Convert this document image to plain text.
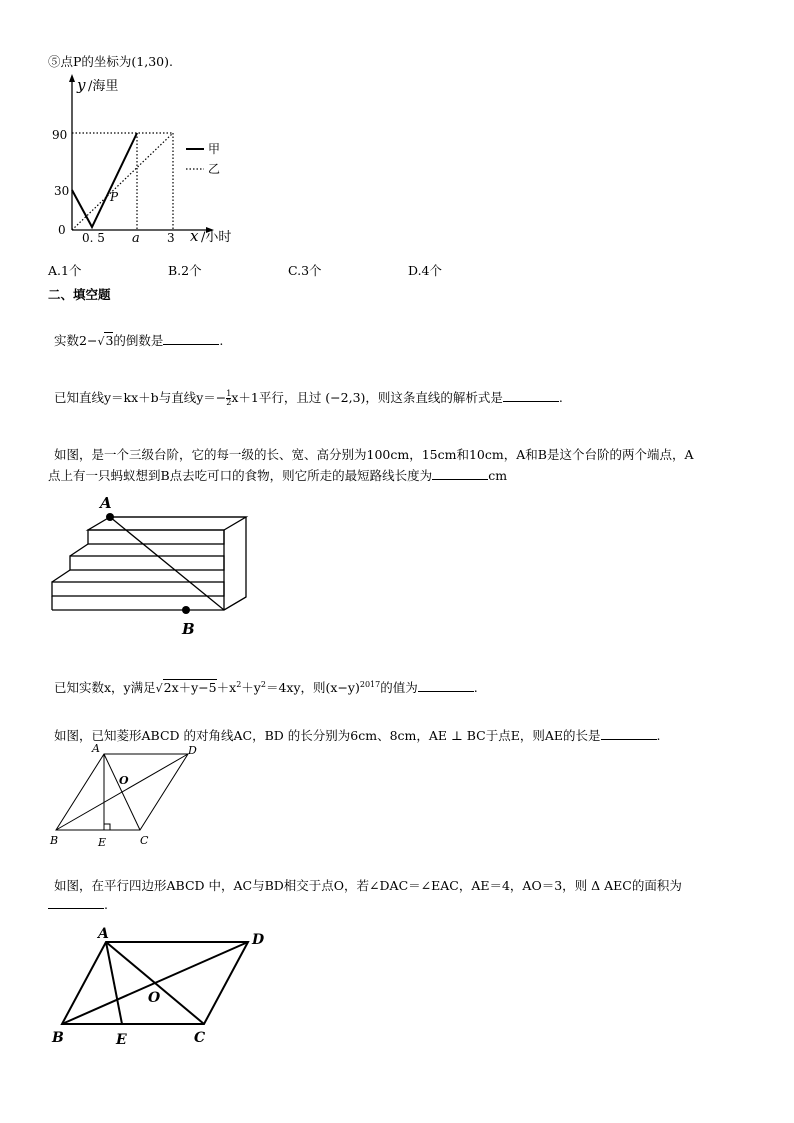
⑤点P的坐标为(1,30).
y /海里
x /小时
90
30
0
0. 5 a 3
P
甲
乙
A.1个	B.2个	C.3个	D.4个
二、填空题
实数2−√3的倒数是	.
已知直线y＝kx＋b与直线$y=- \frac{1}{2} x+1$平行，且过 (−2,3)，则这条直线的解析式是	.
如图，是一个三级台阶，它的每一级的长、宽、高分别为100cm，15cm和10cm，A和B是这个台阶的两个端点，A
点上有一只蚂蚁想到B点去吃可口的食物，则它所走的最短路线长度为	cm
A
B
已知实数x，y满足$√2x+y-5+x^2+y^2=4xy$，则$(x-y)^{2017}$的值为	.
如图，已知菱形ABCD 的对角线AC，BD 的长分别为6cm、8cm，AE ⊥ BC于点E，则AE的长是	.
A	D
O
B	E	C
如图，在平行四边形ABCD 中，AC与BD相交于点O，若∠DAC＝∠EAC，AE＝4，AO＝3，则 Δ AEC的面积为
.
A	D
O
B	E	C
